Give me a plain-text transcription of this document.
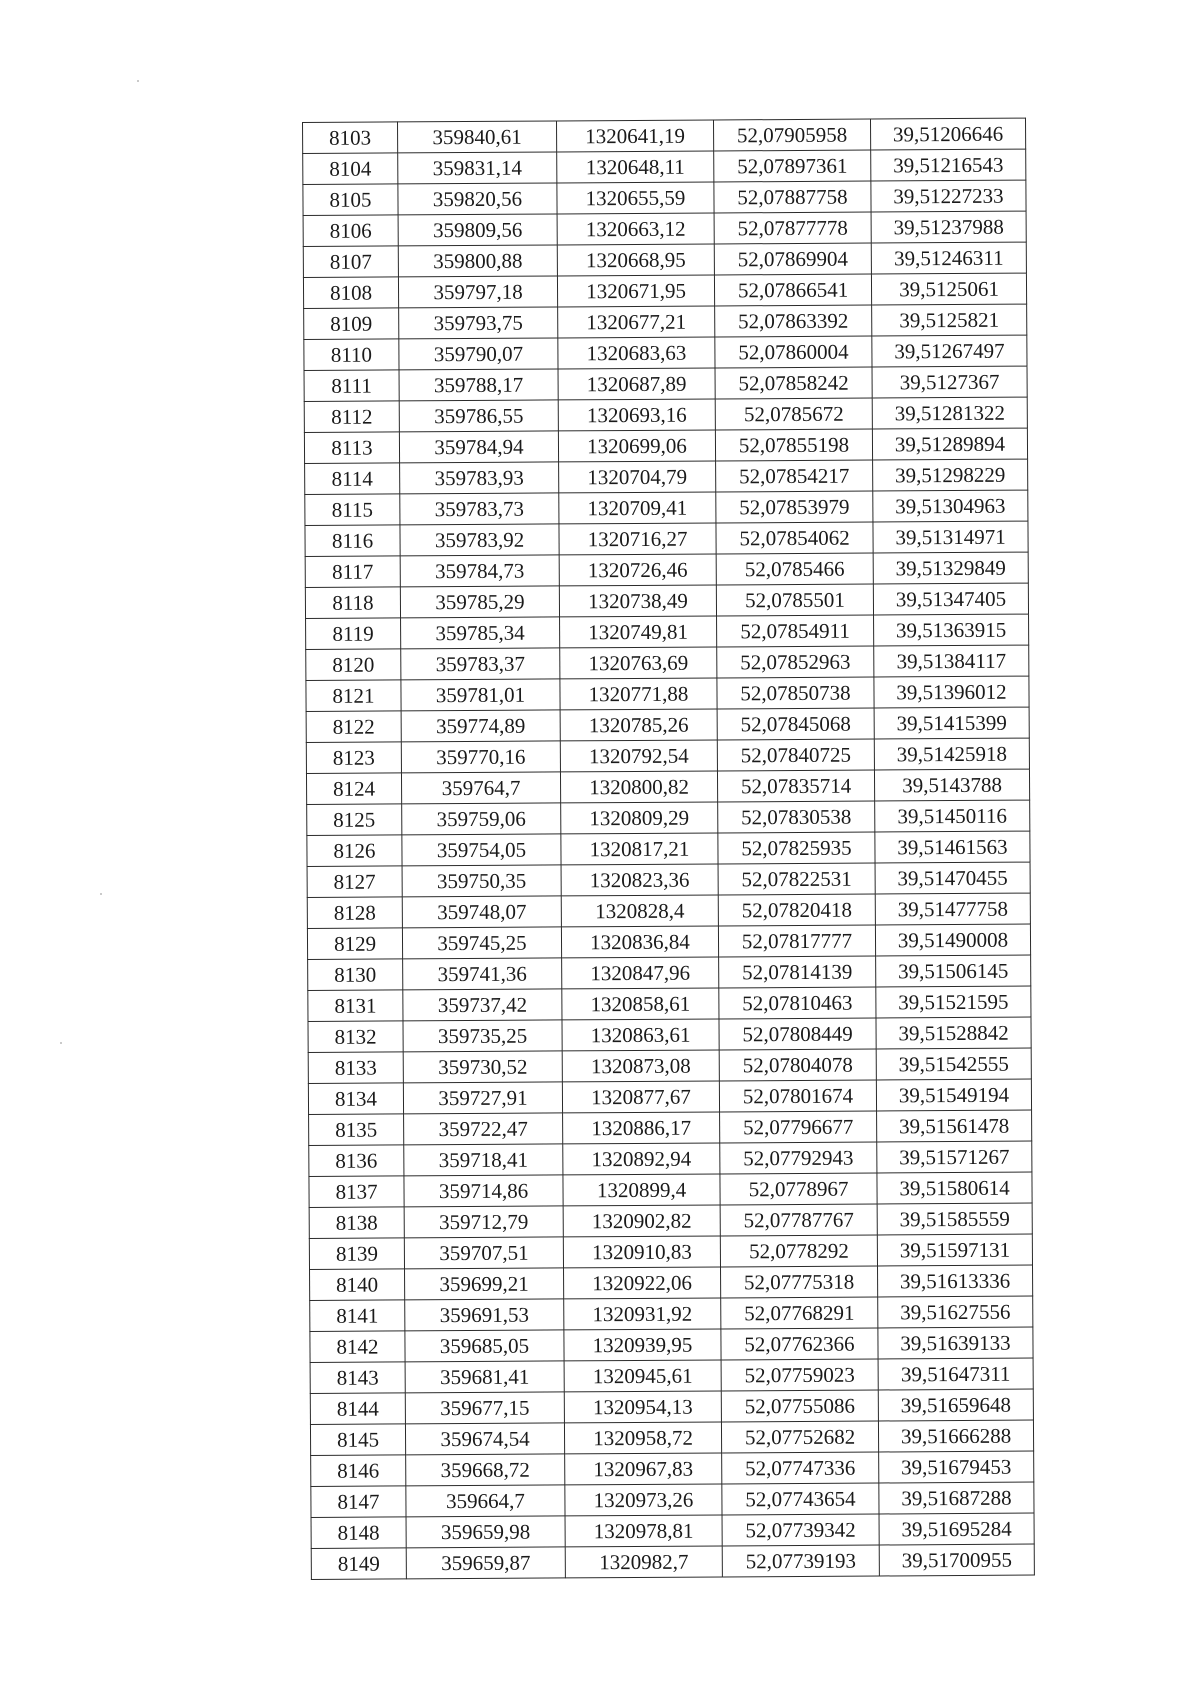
8103	359840,61	1320641,19	52,07905958	39,51206646
8104	359831,14	1320648,11	52,07897361	39,51216543
8105	359820,56	1320655,59	52,07887758	39,51227233
8106	359809,56	1320663,12	52,07877778	39,51237988
8107	359800,88	1320668,95	52,07869904	39,51246311
8108	359797,18	1320671,95	52,07866541	39,5125061
8109	359793,75	1320677,21	52,07863392	39,5125821
8110	359790,07	1320683,63	52,07860004	39,51267497
8111	359788,17	1320687,89	52,07858242	39,5127367
8112	359786,55	1320693,16	52,0785672	39,51281322
8113	359784,94	1320699,06	52,07855198	39,51289894
8114	359783,93	1320704,79	52,07854217	39,51298229
8115	359783,73	1320709,41	52,07853979	39,51304963
8116	359783,92	1320716,27	52,07854062	39,51314971
8117	359784,73	1320726,46	52,0785466	39,51329849
8118	359785,29	1320738,49	52,0785501	39,51347405
8119	359785,34	1320749,81	52,07854911	39,51363915
8120	359783,37	1320763,69	52,07852963	39,51384117
8121	359781,01	1320771,88	52,07850738	39,51396012
8122	359774,89	1320785,26	52,07845068	39,51415399
8123	359770,16	1320792,54	52,07840725	39,51425918
8124	359764,7	1320800,82	52,07835714	39,5143788
8125	359759,06	1320809,29	52,07830538	39,51450116
8126	359754,05	1320817,21	52,07825935	39,51461563
8127	359750,35	1320823,36	52,07822531	39,51470455
8128	359748,07	1320828,4	52,07820418	39,51477758
8129	359745,25	1320836,84	52,07817777	39,51490008
8130	359741,36	1320847,96	52,07814139	39,51506145
8131	359737,42	1320858,61	52,07810463	39,51521595
8132	359735,25	1320863,61	52,07808449	39,51528842
8133	359730,52	1320873,08	52,07804078	39,51542555
8134	359727,91	1320877,67	52,07801674	39,51549194
8135	359722,47	1320886,17	52,07796677	39,51561478
8136	359718,41	1320892,94	52,07792943	39,51571267
8137	359714,86	1320899,4	52,0778967	39,51580614
8138	359712,79	1320902,82	52,07787767	39,51585559
8139	359707,51	1320910,83	52,0778292	39,51597131
8140	359699,21	1320922,06	52,07775318	39,51613336
8141	359691,53	1320931,92	52,07768291	39,51627556
8142	359685,05	1320939,95	52,07762366	39,51639133
8143	359681,41	1320945,61	52,07759023	39,51647311
8144	359677,15	1320954,13	52,07755086	39,51659648
8145	359674,54	1320958,72	52,07752682	39,51666288
8146	359668,72	1320967,83	52,07747336	39,51679453
8147	359664,7	1320973,26	52,07743654	39,51687288
8148	359659,98	1320978,81	52,07739342	39,51695284
8149	359659,87	1320982,7	52,07739193	39,51700955
